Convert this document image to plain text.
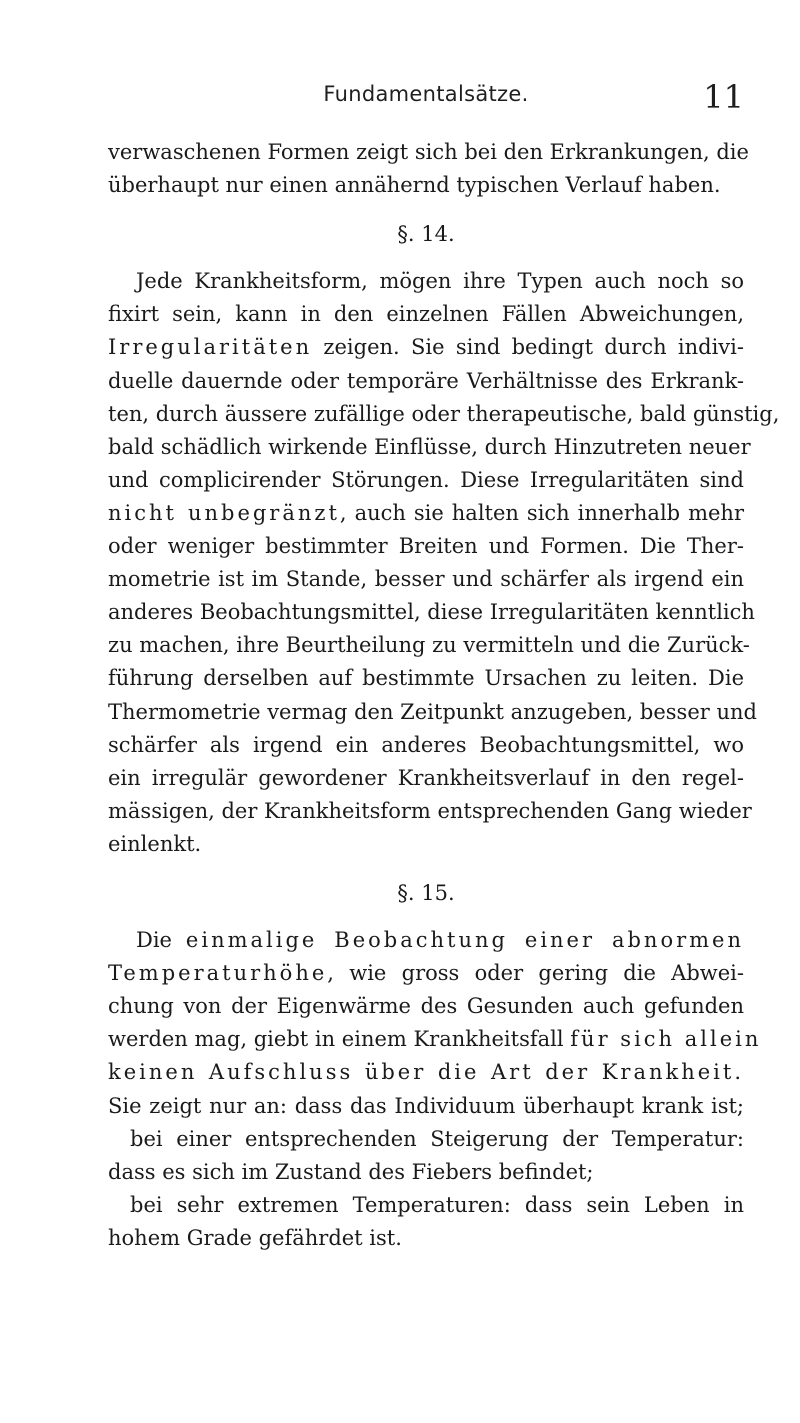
Fundamentalsätze.	11
verwaschenen Formen zeigt sich bei den Erkrankungen, die
überhaupt nur einen annähernd typischen Verlauf haben.
§. 14.
Jede Krankheitsform, mögen ihre Typen auch noch so
fixirt sein, kann in den einzelnen Fällen Abweichungen,
Irregularitäten zeigen. Sie sind bedingt durch indivi-
duelle dauernde oder temporäre Verhältnisse des Erkrank-
ten, durch äussere zufällige oder therapeutische, bald günstig,
bald schädlich wirkende Einflüsse, durch Hinzutreten neuer
und complicirender Störungen. Diese Irregularitäten sind
nicht unbegränzt, auch sie halten sich innerhalb mehr
oder weniger bestimmter Breiten und Formen. Die Ther-
mometrie ist im Stande, besser und schärfer als irgend ein
anderes Beobachtungsmittel, diese Irregularitäten kenntlich
zu machen, ihre Beurtheilung zu vermitteln und die Zurück-
führung derselben auf bestimmte Ursachen zu leiten. Die
Thermometrie vermag den Zeitpunkt anzugeben, besser und
schärfer als irgend ein anderes Beobachtungsmittel, wo
ein irregulär gewordener Krankheitsverlauf in den regel-
mässigen, der Krankheitsform entsprechenden Gang wieder
einlenkt.
§. 15.
Die einmalige Beobachtung einer abnormen
Temperaturhöhe, wie gross oder gering die Abwei-
chung von der Eigenwärme des Gesunden auch gefunden
werden mag, giebt in einem Krankheitsfall für sich allein
keinen Aufschluss über die Art der Krankheit.
Sie zeigt nur an: dass das Individuum überhaupt krank ist;
bei einer entsprechenden Steigerung der Temperatur:
dass es sich im Zustand des Fiebers befindet;
bei sehr extremen Temperaturen: dass sein Leben in
hohem Grade gefährdet ist.
